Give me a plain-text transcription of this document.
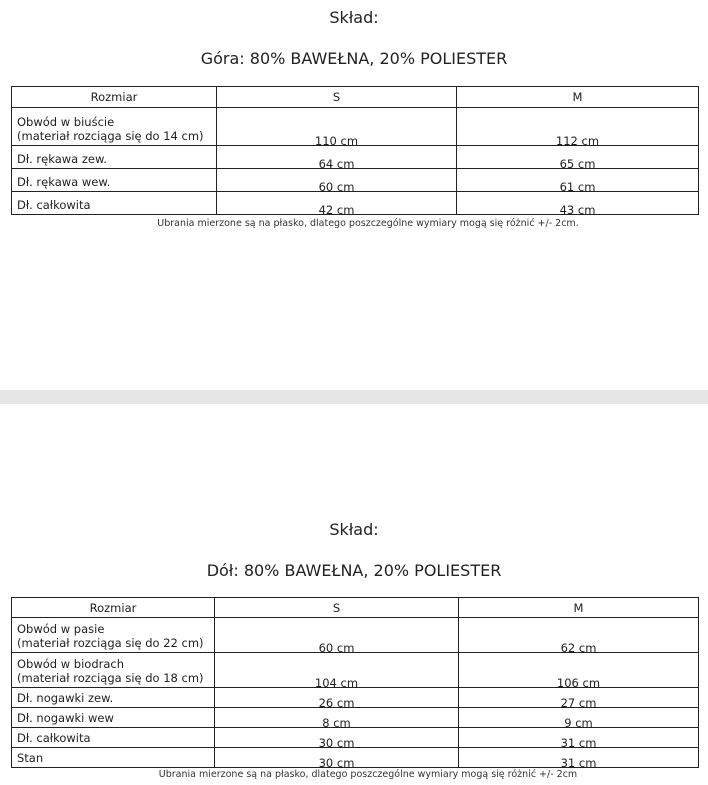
Skład:
Góra: 80% BAWEŁNA, 20% POLIESTER
Rozmiar	S	M

Obwód w biuście
(materiał rozciąga się do 14 cm)	110 cm	112 cm

Dł. rękawa zew.	64 cm	65 cm

Dł. rękawa wew.	60 cm	61 cm

Dł. całkowita	42 cm	43 cm
Ubrania mierzone są na płasko, dlatego poszczególne wymiary mogą się różnić +/- 2cm.
Skład:
Dół: 80% BAWEŁNA, 20% POLIESTER
Rozmiar	S	M

Obwód w pasie
(materiał rozciąga się do 22 cm)	60 cm	62 cm

Obwód w biodrach
(materiał rozciąga się do 18 cm)	104 cm	106 cm

Dł. nogawki zew.	26 cm	27 cm

Dł. nogawki wew	8 cm	9 cm

Dł. całkowita	30 cm	31 cm

Stan	30 cm	31 cm
Ubrania mierzone są na płasko, dlatego poszczególne wymiary mogą się różnić +/- 2cm
